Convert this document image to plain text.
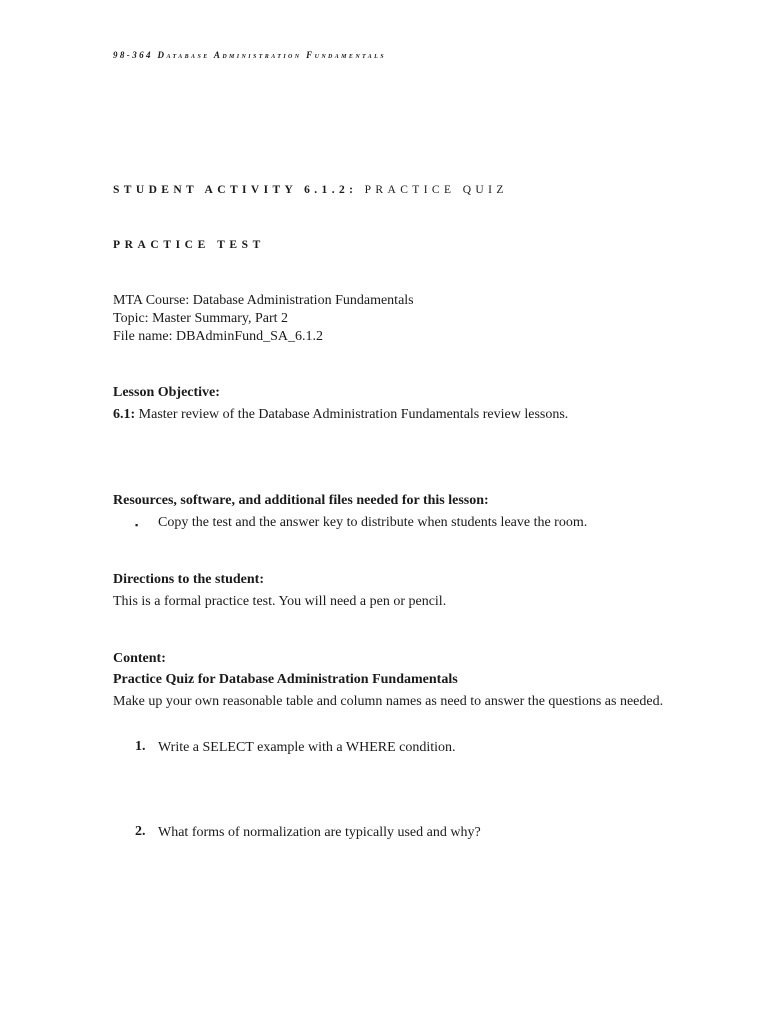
98-364 Database Administration Fundamentals
STUDENT ACTIVITY 6.1.2: PRACTICE QUIZ
PRACTICE TEST
MTA Course: Database Administration Fundamentals
Topic: Master Summary, Part 2
File name: DBAdminFund_SA_6.1.2
Lesson Objective:
6.1: Master review of the Database Administration Fundamentals review lessons.
Resources, software, and additional files needed for this lesson:
▪ Copy the test and the answer key to distribute when students leave the room.
Directions to the student:
This is a formal practice test. You will need a pen or pencil.
Content:
Practice Quiz for Database Administration Fundamentals
Make up your own reasonable table and column names as need to answer the questions as needed.
1. Write a SELECT example with a WHERE condition.
2. What forms of normalization are typically used and why?
